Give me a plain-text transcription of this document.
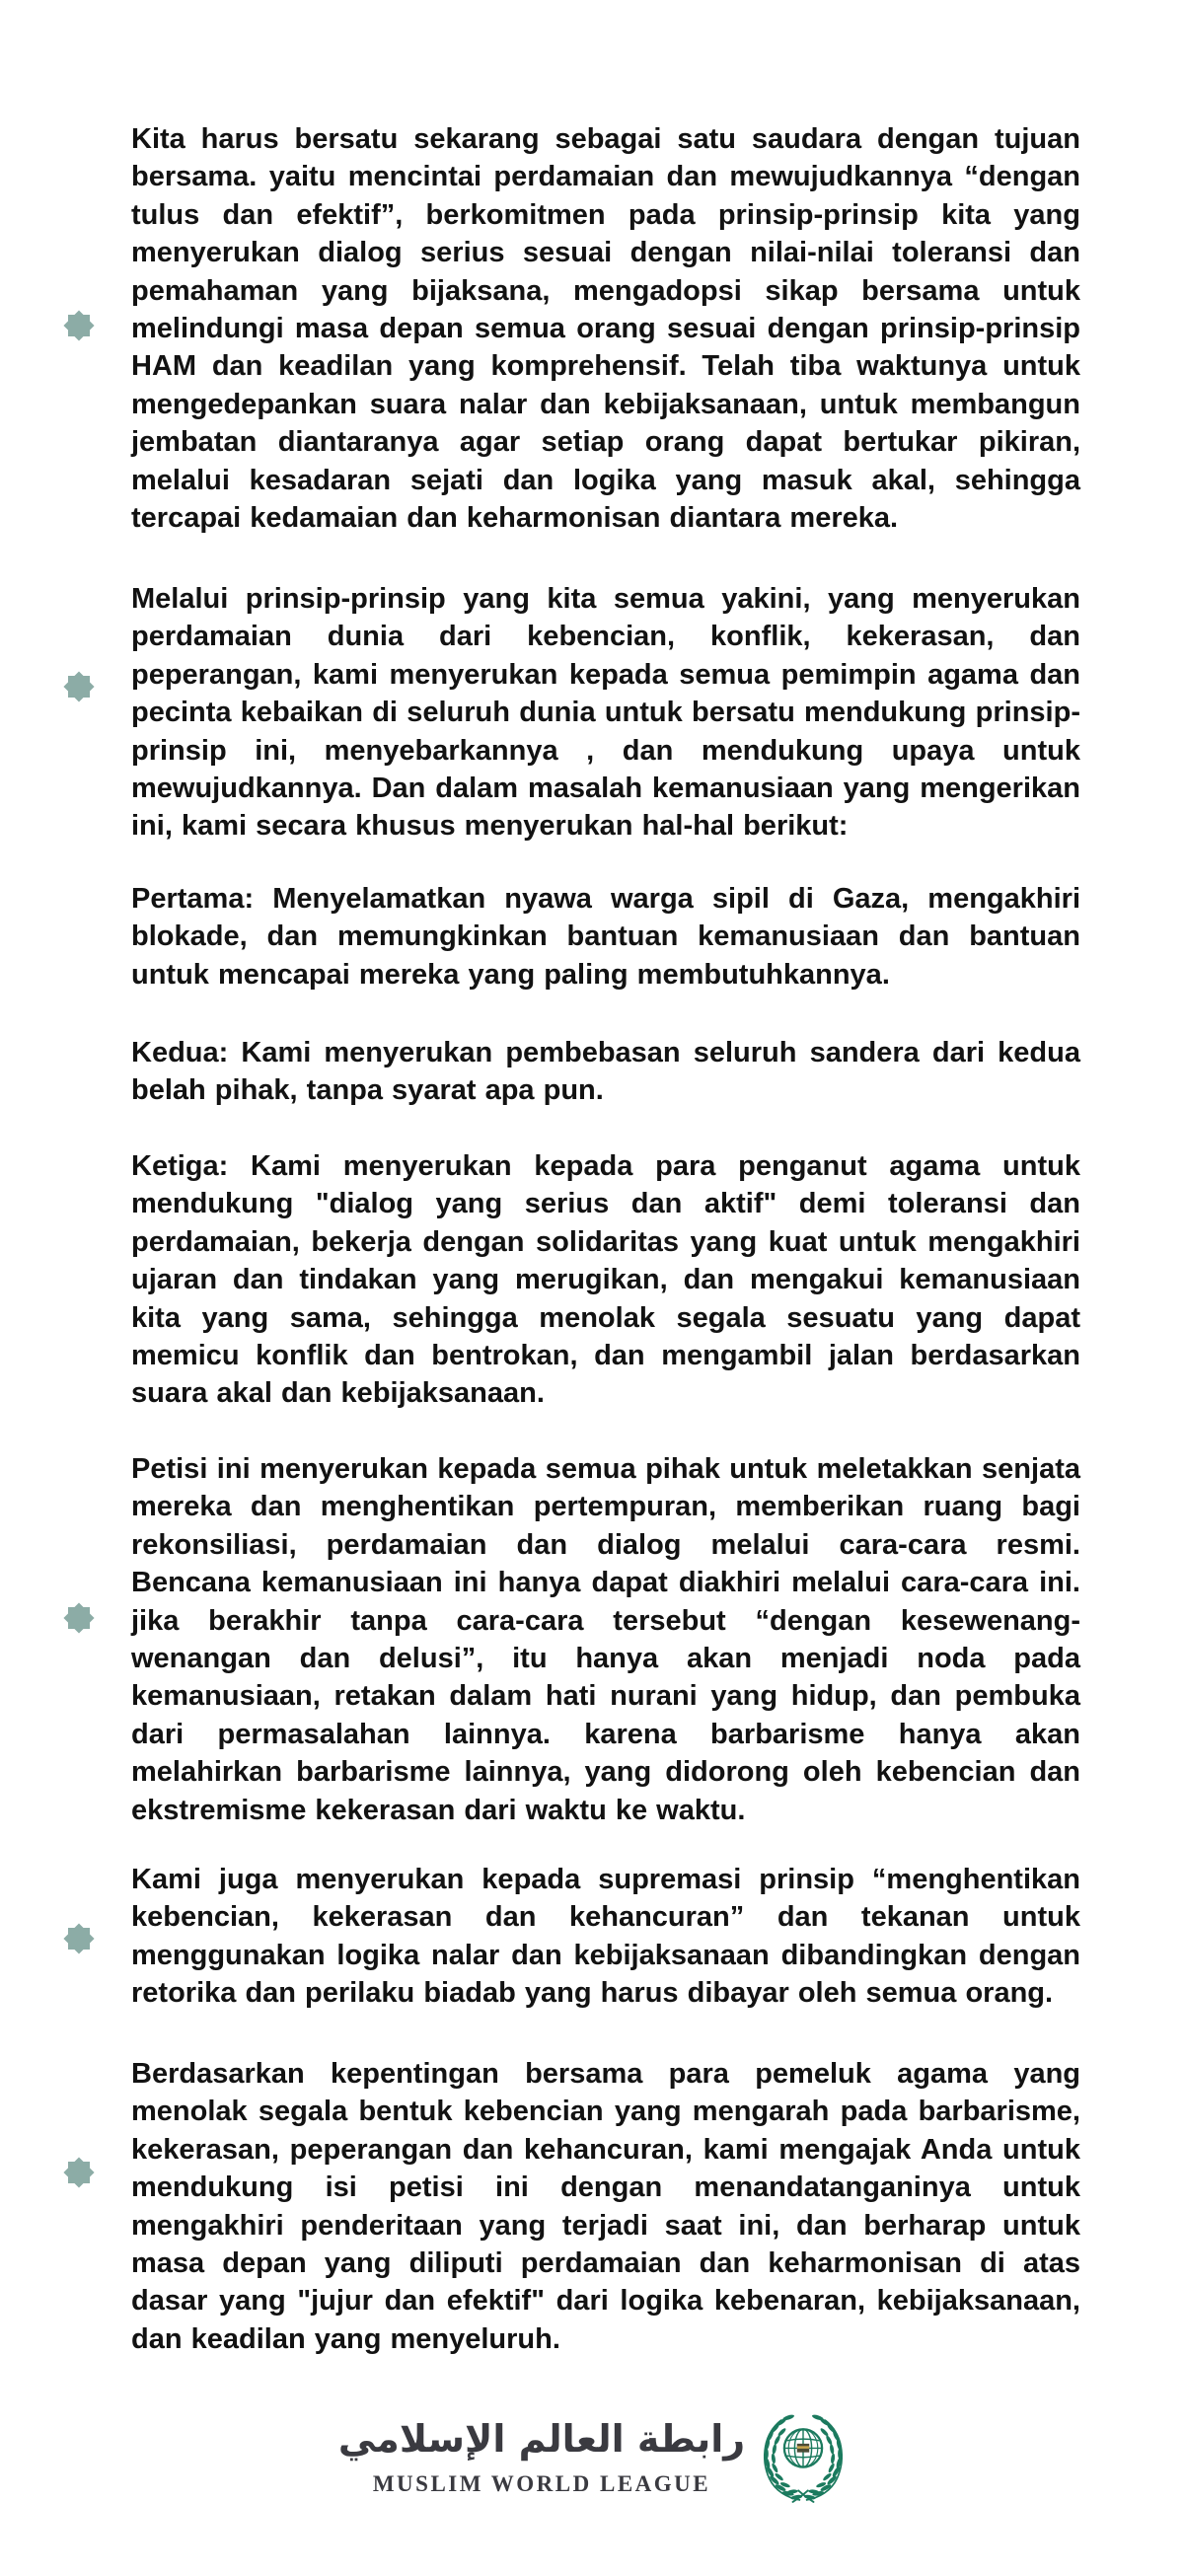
Kita harus bersatu sekarang sebagai satu saudara dengan tujuan bersama. yaitu mencintai perdamaian dan mewujudkannya “dengan tulus dan efektif”, berkomitmen pada prinsip-prinsip kita yang menyerukan dialog serius sesuai dengan nilai-nilai toleransi dan pemahaman yang bijaksana, mengadopsi sikap bersama untuk melindungi masa depan semua orang sesuai dengan prinsip-prinsip HAM dan keadilan yang komprehensif. Telah tiba waktunya untuk mengedepankan suara nalar dan kebijaksanaan, untuk membangun jembatan diantaranya agar setiap orang dapat bertukar pikiran, melalui kesadaran sejati dan logika yang masuk akal, sehingga tercapai kedamaian dan keharmonisan diantara mereka.

Melalui prinsip-prinsip yang kita semua yakini, yang menyerukan perdamaian dunia dari kebencian, konflik, kekerasan, dan peperangan, kami menyerukan kepada semua pemimpin agama dan pecinta kebaikan di seluruh dunia untuk bersatu mendukung prinsip-prinsip ini, menyebarkannya , dan mendukung upaya untuk mewujudkannya. Dan dalam masalah kemanusiaan yang mengerikan ini, kami secara khusus menyerukan hal-hal berikut:

Pertama: Menyelamatkan nyawa warga sipil di Gaza, mengakhiri blokade, dan memungkinkan bantuan kemanusiaan dan bantuan untuk mencapai mereka yang paling membutuhkannya.

Kedua: Kami menyerukan pembebasan seluruh sandera dari kedua belah pihak, tanpa syarat apa pun.

Ketiga: Kami menyerukan kepada para penganut agama untuk mendukung "dialog yang serius dan aktif" demi toleransi dan perdamaian, bekerja dengan solidaritas yang kuat untuk mengakhiri ujaran dan tindakan yang merugikan, dan mengakui kemanusiaan kita yang sama, sehingga menolak segala sesuatu yang dapat memicu konflik dan bentrokan, dan mengambil jalan berdasarkan suara akal dan kebijaksanaan.

Petisi ini menyerukan kepada semua pihak untuk meletakkan senjata mereka dan menghentikan pertempuran, memberikan ruang bagi rekonsiliasi, perdamaian dan dialog melalui cara-cara resmi. Bencana kemanusiaan ini hanya dapat diakhiri melalui cara-cara ini. jika berakhir tanpa cara-cara tersebut “dengan kesewenang-wenangan dan delusi”, itu hanya akan menjadi noda pada kemanusiaan, retakan dalam hati nurani yang hidup, dan pembuka dari permasalahan lainnya. karena barbarisme hanya akan melahirkan barbarisme lainnya, yang didorong oleh kebencian dan ekstremisme kekerasan dari waktu ke waktu.

Kami juga menyerukan kepada supremasi prinsip “menghentikan kebencian, kekerasan dan kehancuran” dan tekanan untuk menggunakan logika nalar dan kebijaksanaan dibandingkan dengan retorika dan perilaku biadab yang harus dibayar oleh semua orang.

Berdasarkan kepentingan bersama para pemeluk agama yang menolak segala bentuk kebencian yang mengarah pada barbarisme, kekerasan, peperangan dan kehancuran, kami mengajak Anda untuk mendukung isi petisi ini dengan menandatanganinya untuk mengakhiri penderitaan yang terjadi saat ini, dan berharap untuk masa depan yang diliputi perdamaian dan keharmonisan di atas dasar yang "jujur dan efektif" dari logika kebenaran, kebijaksanaan, dan keadilan yang menyeluruh.

رابطة العالم الإسلامي
MUSLIM WORLD LEAGUE
